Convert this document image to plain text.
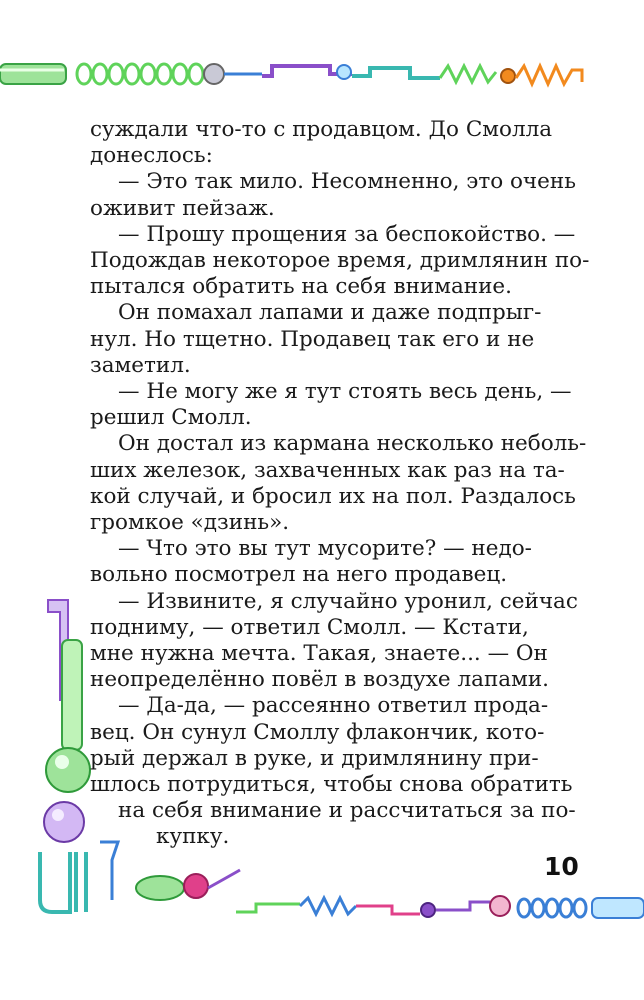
суждали что-то с продавцом. До Смолла

донеслось:

— Это так мило. Несомненно, это очень

оживит пейзаж.

— Прошу прощения за беспокойство. —

Подождав некоторое время, дримлянин по-

пытался обратить на себя внимание.

Он помахал лапами и даже подпрыг-

нул. Но тщетно. Продавец так его и не

заметил.

— Не могу же я тут стоять весь день, —

решил Смолл.

Он достал из кармана несколько неболь-

ших железок, захваченных как раз на та-

кой случай, и бросил их на пол. Раздалось

громкое «дзинь».

— Что это вы тут мусорите? — недо-

вольно посмотрел на него продавец.

— Извините, я случайно уронил, сейчас

подниму, — ответил Смолл. — Кстати,

мне нужна мечта. Такая, знаете... — Он

неопределённо повёл в воздухе лапами.

— Да-да, — рассеянно ответил прода-

вец. Он сунул Смоллу флакончик, кото-

рый держал в руке, и дримлянину при-

шлось потрудиться, чтобы снова обратить

на себя внимание и рассчитаться за по-

купку.

10
